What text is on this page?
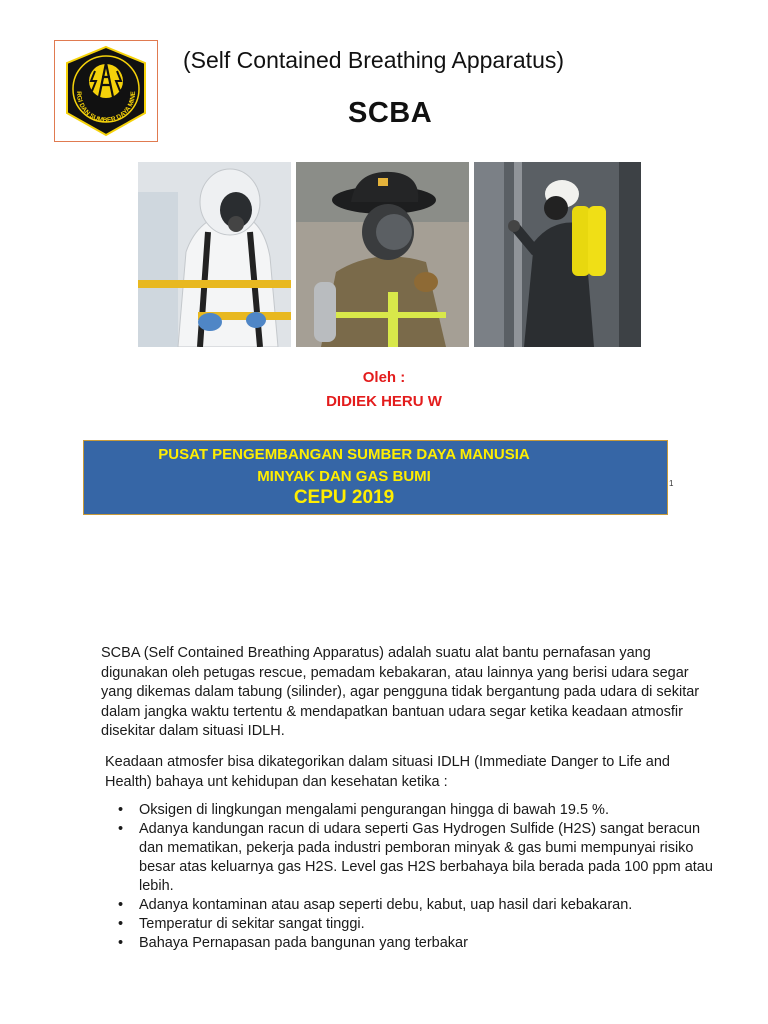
RGI DAN SUMBER DAYA MINE
(Self Contained Breathing Apparatus)
SCBA
Oleh :
DIDIEK HERU W
PUSAT PENGEMBANGAN SUMBER DAYA MANUSIA
MINYAK DAN GAS BUMI
CEPU 2019
1
SCBA (Self Contained Breathing Apparatus) adalah suatu alat bantu pernafasan yang digunakan oleh petugas rescue, pemadam kebakaran, atau lainnya yang berisi udara segar yang dikemas dalam tabung (silinder), agar pengguna tidak bergantung pada udara di sekitar dalam jangka waktu tertentu & mendapatkan bantuan udara segar ketika keadaan atmosfir disekitar dalam situasi IDLH.
Keadaan atmosfer bisa dikategorikan dalam situasi IDLH (Immediate Danger to Life and Health) bahaya unt kehidupan dan kesehatan ketika :
• Oksigen di lingkungan mengalami pengurangan hingga di bawah 19.5 %.
• Adanya kandungan racun di udara seperti Gas Hydrogen Sulfide (H2S) sangat beracun dan mematikan, pekerja pada industri pemboran minyak & gas bumi mempunyai risiko besar atas keluarnya gas H2S. Level gas H2S berbahaya bila berada pada 100 ppm atau lebih.
• Adanya kontaminan atau asap seperti debu, kabut, uap hasil dari kebakaran.
• Temperatur di sekitar sangat tinggi.
• Bahaya Pernapasan pada bangunan yang terbakar
